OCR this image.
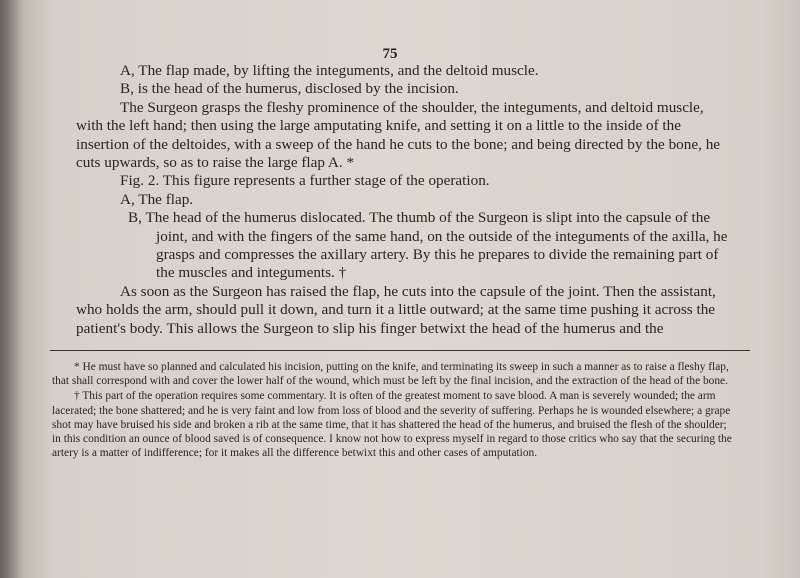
75

A, The flap made, by lifting the integuments, and the deltoid muscle.

B, is the head of the humerus, disclosed by the incision.

The Surgeon grasps the fleshy prominence of the shoulder, the integuments, and deltoid muscle, with the left hand; then using the large amputating knife, and setting it on a little to the inside of the insertion of the deltoides, with a sweep of the hand he cuts to the bone; and being directed by the bone, he cuts upwards, so as to raise the large flap A. *

Fig. 2. This figure represents a further stage of the operation.

A, The flap.

B, The head of the humerus dislocated. The thumb of the Surgeon is slipt into the capsule of the joint, and with the fingers of the same hand, on the outside of the integuments of the axilla, he grasps and compresses the axillary artery. By this he prepares to divide the remaining part of the muscles and integuments. †

As soon as the Surgeon has raised the flap, he cuts into the capsule of the joint. Then the assistant, who holds the arm, should pull it down, and turn it a little outward; at the same time pushing it across the patient's body. This allows the Surgeon to slip his finger betwixt the head of the humerus and the

* He must have so planned and calculated his incision, putting on the knife, and terminating its sweep in such a manner as to raise a fleshy flap, that shall correspond with and cover the lower half of the wound, which must be left by the final incision, and the extraction of the head of the bone.

† This part of the operation requires some commentary. It is often of the greatest moment to save blood. A man is severely wounded; the arm lacerated; the bone shattered; and he is very faint and low from loss of blood and the severity of suffering. Perhaps he is wounded elsewhere; a grape shot may have bruised his side and broken a rib at the same time, that it has shattered the head of the humerus, and bruised the flesh of the shoulder; in this condition an ounce of blood saved is of consequence. I know not how to express myself in regard to those critics who say that the securing the artery is a matter of indifference; for it makes all the difference betwixt this and other cases of amputation.
